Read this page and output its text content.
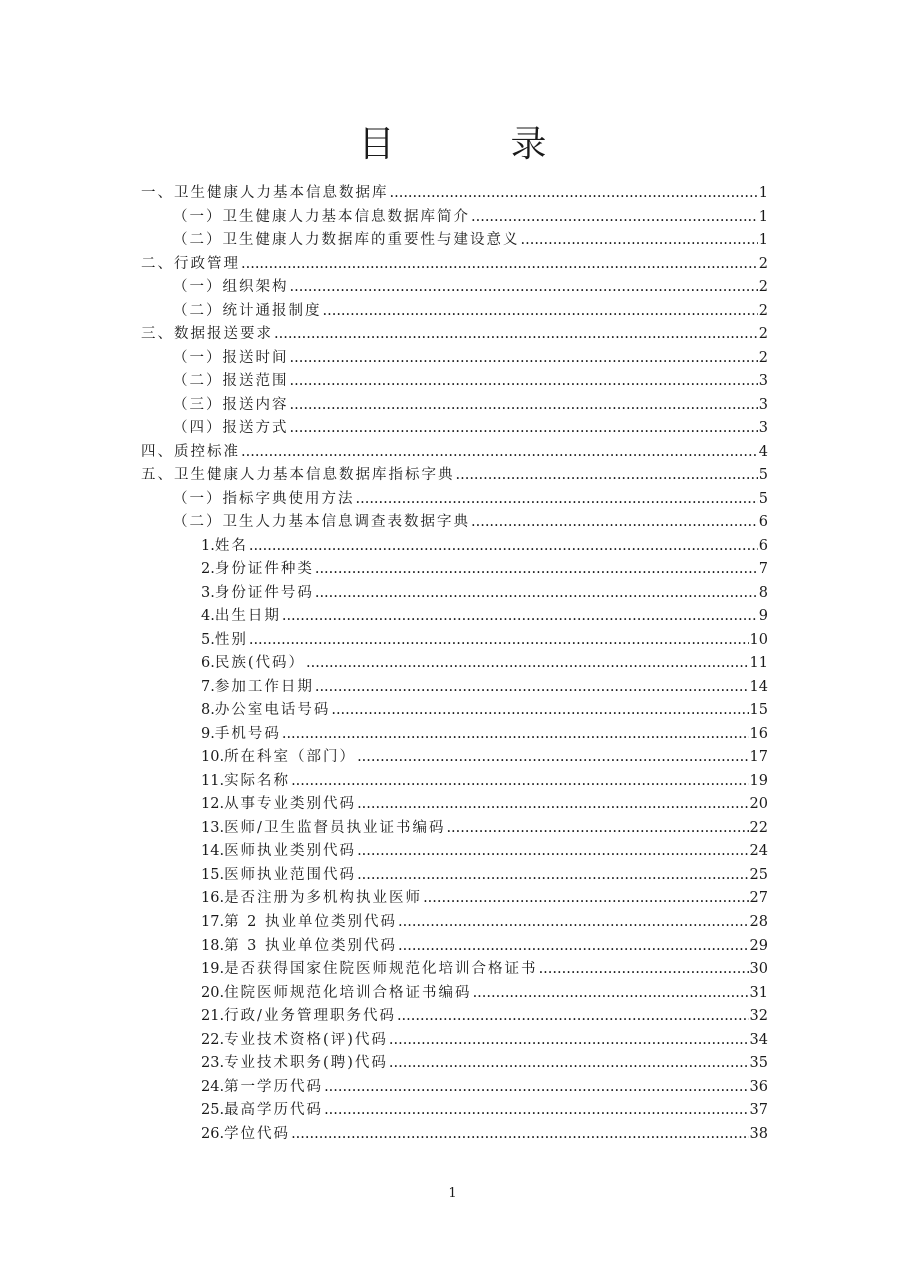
目　录
一、 卫生健康人力基本信息数据库 .....	1
（一） 卫生健康人力基本信息数据库简介 .....	1
（二） 卫生健康人力数据库的重要性与建设意义 .....	1
二、 行政管理 .....	2
（一） 组织架构 .....	2
（二） 统计通报制度 .....	2
三、 数据报送要求 .....	2
（一） 报送时间 .....	2
（二） 报送范围 .....	3
（三） 报送内容 .....	3
（四） 报送方式 .....	3
四、 质控标准 .....	4
五、 卫生健康人力基本信息数据库指标字典 .....	5
（一） 指标字典使用方法 .....	5
（二） 卫生人力基本信息调查表数据字典 .....	6
1. 姓名 .....	6
2. 身份证件种类 .....	7
3. 身份证件号码 .....	8
4. 出生日期 .....	9
5. 性别 .....	10
6. 民族(代码） .....	11
7. 参加工作日期 .....	14
8. 办公室电话号码 .....	15
9. 手机号码 .....	16
10. 所在科室（部门） .....	17
11. 实际名称 .....	19
12. 从事专业类别代码 .....	20
13. 医师/卫生监督员执业证书编码 .....	22
14. 医师执业类别代码 .....	24
15. 医师执业范围代码 .....	25
16. 是否注册为多机构执业医师 .....	27
17. 第 2 执业单位类别代码 .....	28
18. 第 3 执业单位类别代码 .....	29
19. 是否获得国家住院医师规范化培训合格证书 .....	30
20. 住院医师规范化培训合格证书编码 .....	31
21. 行政/业务管理职务代码 .....	32
22. 专业技术资格(评)代码 .....	34
23. 专业技术职务(聘)代码 .....	35
24. 第一学历代码 .....	36
25. 最高学历代码 .....	37
26. 学位代码 .....	38
1
